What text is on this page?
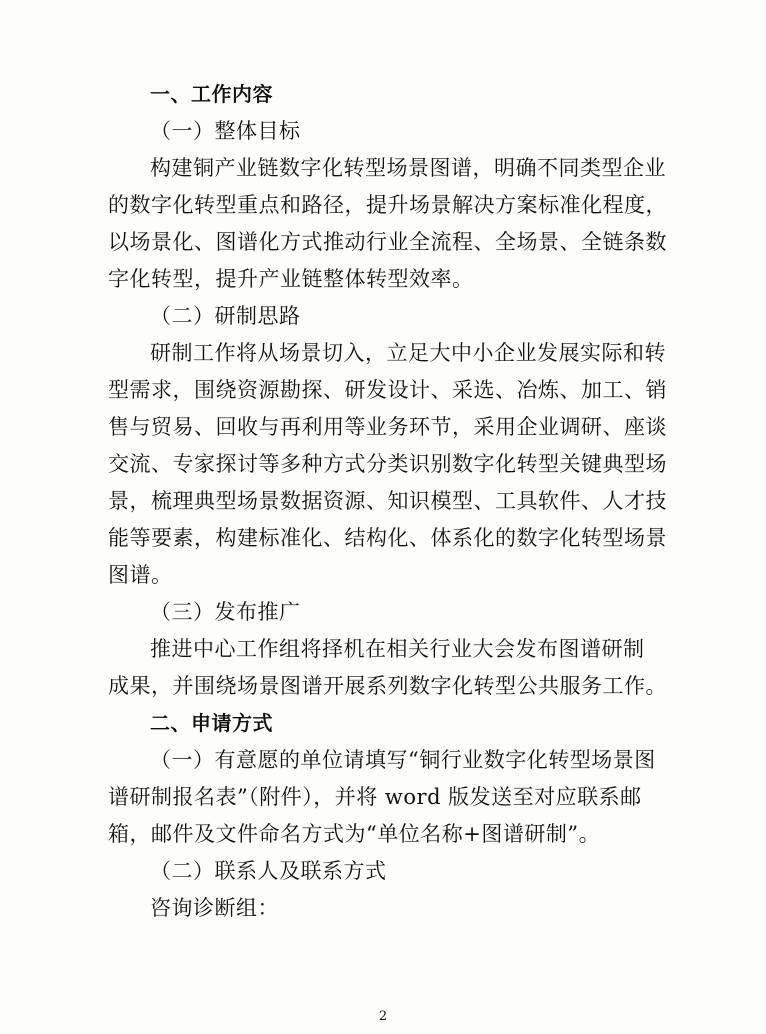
一、工作内容
（一）整体目标
构建铜产业链数字化转型场景图谱，明确不同类型企业
的数字化转型重点和路径，提升场景解决方案标准化程度，
以场景化、图谱化方式推动行业全流程、全场景、全链条数
字化转型，提升产业链整体转型效率。
（二）研制思路
研制工作将从场景切入，立足大中小企业发展实际和转
型需求，围绕资源勘探、研发设计、采选、冶炼、加工、销
售与贸易、回收与再利用等业务环节，采用企业调研、座谈
交流、专家探讨等多种方式分类识别数字化转型关键典型场
景，梳理典型场景数据资源、知识模型、工具软件、人才技
能等要素，构建标准化、结构化、体系化的数字化转型场景
图谱。
（三）发布推广
推进中心工作组将择机在相关行业大会发布图谱研制
成果，并围绕场景图谱开展系列数字化转型公共服务工作。
二、申请方式
（一）有意愿的单位请填写“铜行业数字化转型场景图
谱研制报名表”（附件），并将 word 版发送至对应联系邮
箱，邮件及文件命名方式为“单位名称+图谱研制”。
（二）联系人及联系方式
咨询诊断组：
2
